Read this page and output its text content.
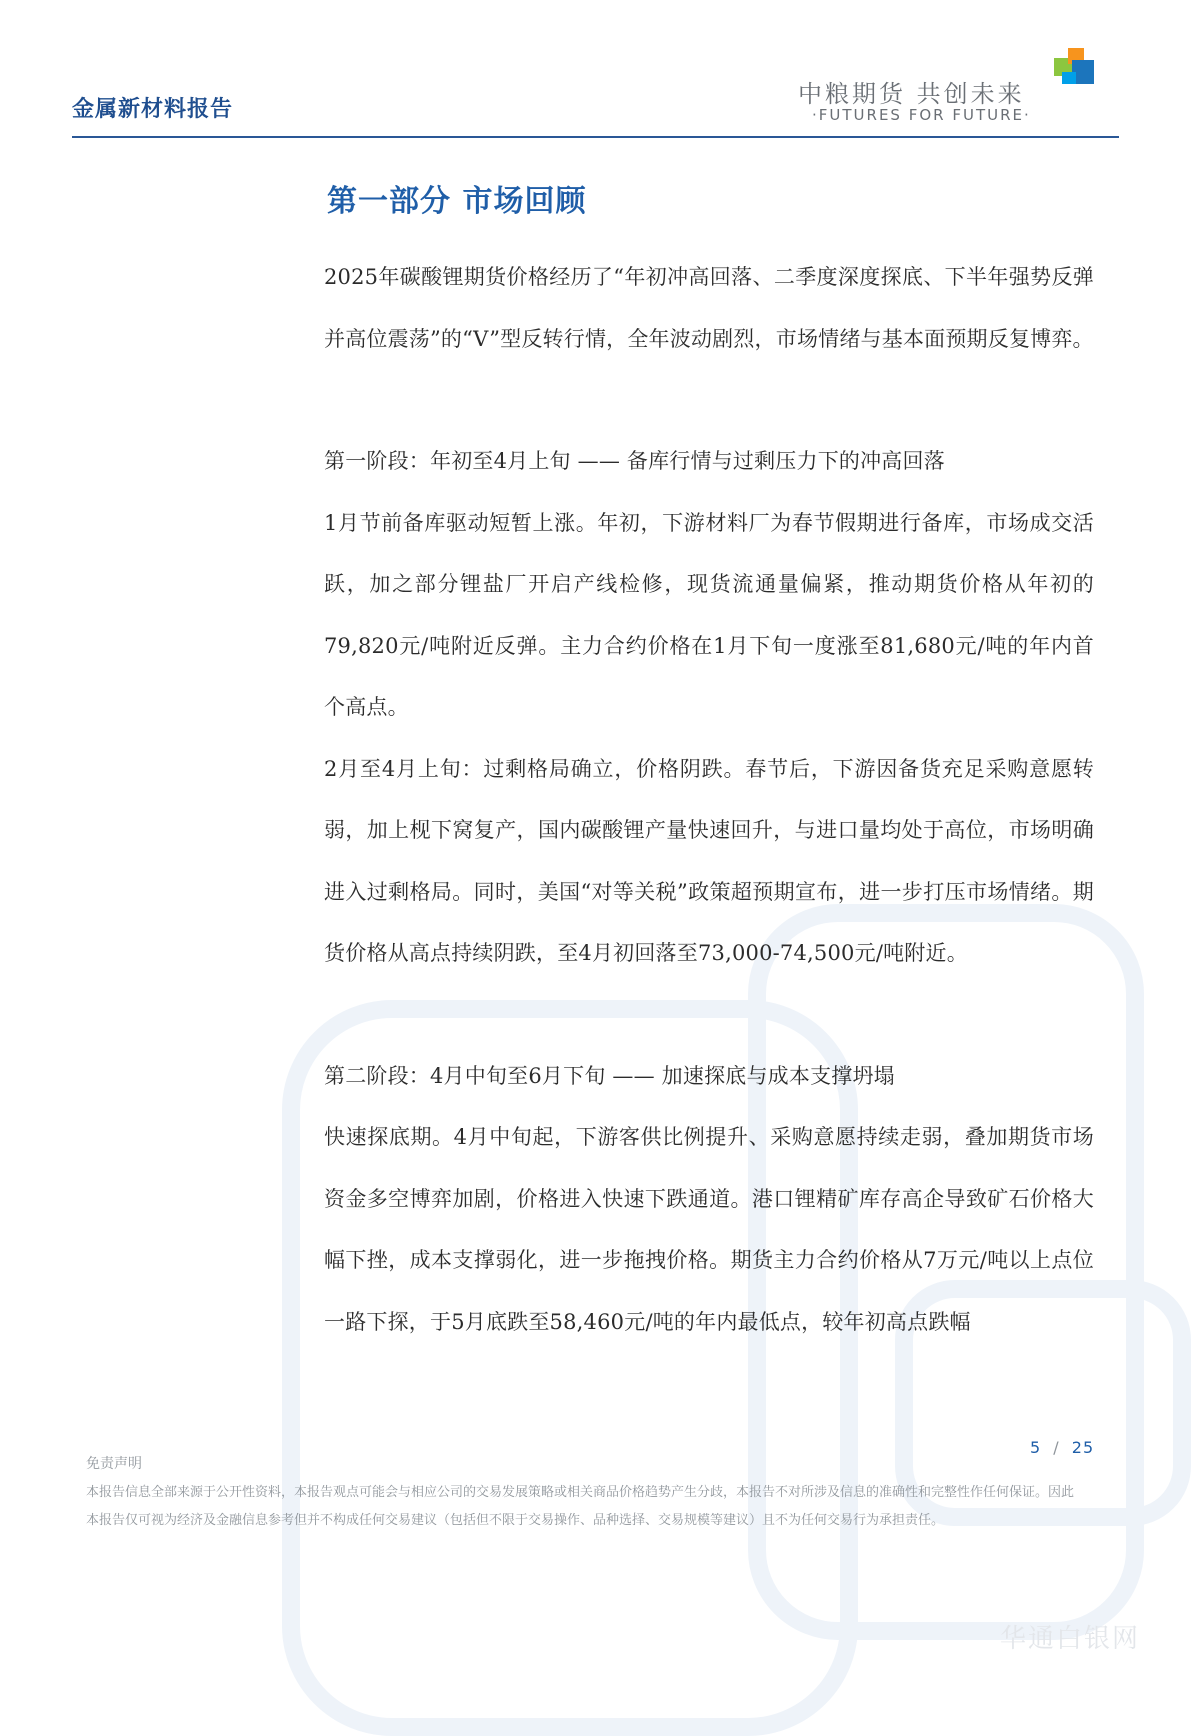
金属新材料报告
中粮期货 共创未来
·FUTURES FOR FUTURE·
第一部分 市场回顾

2025年碳酸锂期货价格经历了“年初冲高回落、二季度深度探底、下半年强势反弹并高位震荡”的“V”型反转行情，全年波动剧烈，市场情绪与基本面预期反复博弈。

第一阶段：年初至4月上旬 —— 备库行情与过剩压力下的冲高回落

1月节前备库驱动短暂上涨。年初，下游材料厂为春节假期进行备库，市场成交活跃，加之部分锂盐厂开启产线检修，现货流通量偏紧，推动期货价格从年初的79,820元/吨附近反弹。主力合约价格在1月下旬一度涨至81,680元/吨的年内首个高点。

2月至4月上旬：过剩格局确立，价格阴跌。春节后，下游因备货充足采购意愿转弱，加上枧下窝复产，国内碳酸锂产量快速回升，与进口量均处于高位，市场明确进入过剩格局。同时，美国“对等关税”政策超预期宣布，进一步打压市场情绪。期货价格从高点持续阴跌，至4月初回落至73,000-74,500元/吨附近。

第二阶段：4月中旬至6月下旬 —— 加速探底与成本支撑坍塌

快速探底期。4月中旬起，下游客供比例提升、采购意愿持续走弱，叠加期货市场资金多空博弈加剧，价格进入快速下跌通道。港口锂精矿库存高企导致矿石价格大幅下挫，成本支撑弱化，进一步拖拽价格。期货主力合约价格从7万元/吨以上点位一路下探，于5月底跌至58,460元/吨的年内最低点，较年初高点跌幅

5 / 25
免责声明
本报告信息全部来源于公开性资料，本报告观点可能会与相应公司的交易发展策略或相关商品价格趋势产生分歧，本报告不对所涉及信息的准确性和完整性作任何保证。因此本报告仅可视为经济及金融信息参考但并不构成任何交易建议（包括但不限于交易操作、品种选择、交易规模等建议）且不为任何交易行为承担责任。
华通白银网
